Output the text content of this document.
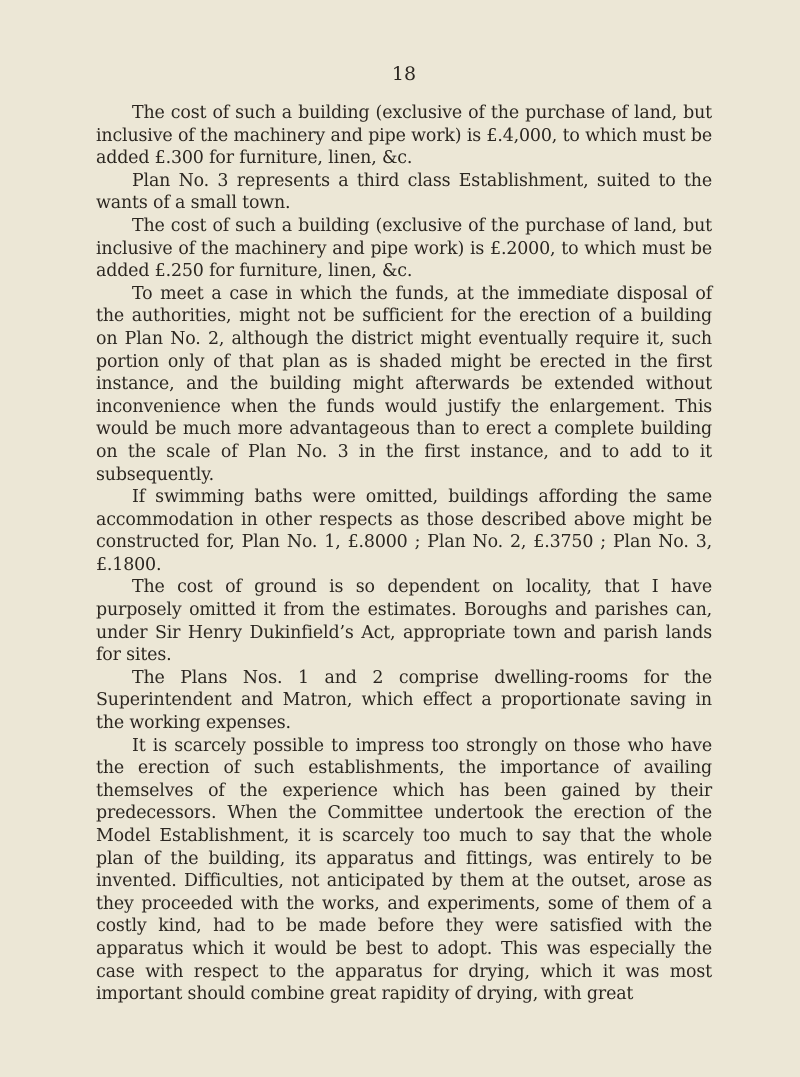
18

The cost of such a building (exclusive of the purchase of land, but inclusive of the machinery and pipe work) is £.4,000, to which must be added £.300 for furniture, linen, &c.

Plan No. 3 represents a third class Establishment, suited to the wants of a small town.

The cost of such a building (exclusive of the purchase of land, but inclusive of the machinery and pipe work) is £.2000, to which must be added £.250 for furniture, linen, &c.

To meet a case in which the funds, at the immediate disposal of the authorities, might not be sufficient for the erection of a building on Plan No. 2, although the district might eventually require it, such portion only of that plan as is shaded might be erected in the first instance, and the building might afterwards be extended without inconvenience when the funds would justify the enlargement. This would be much more advantageous than to erect a complete building on the scale of Plan No. 3 in the first instance, and to add to it subsequently.

If swimming baths were omitted, buildings affording the same accommodation in other respects as those described above might be constructed for, Plan No. 1, £.8000 ; Plan No. 2, £.3750 ; Plan No. 3, £.1800.

The cost of ground is so dependent on locality, that I have purposely omitted it from the estimates. Boroughs and parishes can, under Sir Henry Dukinfield’s Act, appropriate town and parish lands for sites.

The Plans Nos. 1 and 2 comprise dwelling-rooms for the Superintendent and Matron, which effect a proportionate saving in the working expenses.

It is scarcely possible to impress too strongly on those who have the erection of such establishments, the importance of availing themselves of the experience which has been gained by their predecessors. When the Committee undertook the erection of the Model Establishment, it is scarcely too much to say that the whole plan of the building, its apparatus and fittings, was entirely to be invented. Difficulties, not anticipated by them at the outset, arose as they proceeded with the works, and experiments, some of them of a costly kind, had to be made before they were satisfied with the apparatus which it would be best to adopt. This was especially the case with respect to the apparatus for drying, which it was most important should combine great rapidity of drying, with great
